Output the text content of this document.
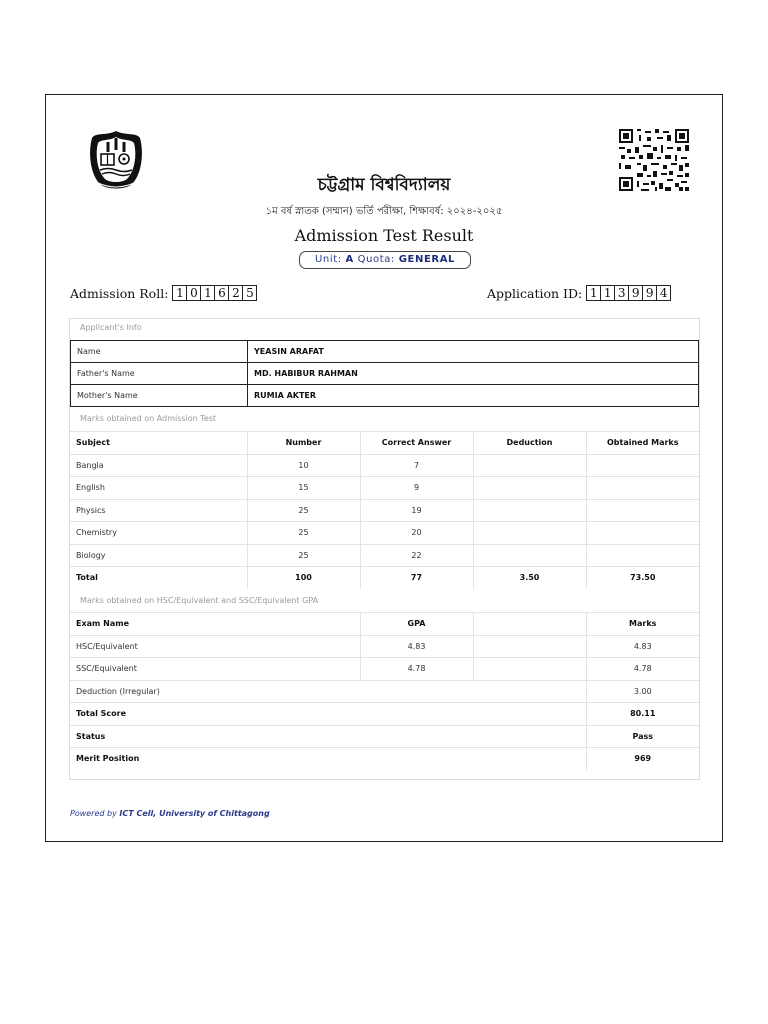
চট্টগ্রাম বিশ্ববিদ্যালয়
১ম বর্ষ স্নাতক (সম্মান) ভর্তি পরীক্ষা, শিক্ষাবর্ষ: ২০২৪-২০২৫
Admission Test Result
Unit: A Quota: GENERAL
Admission Roll: 1 0 1 6 2 5	Application ID: 1 1 3 9 9 4
Applicant's Info
Name	YEASIN ARAFAT
Father's Name	MD. HABIBUR RAHMAN
Mother's Name	RUMIA AKTER
Marks obtained on Admission Test
Subject	Number	Correct Answer	Deduction	Obtained Marks
Bangla	10	7		
English	15	9		
Physics	25	19		
Chemistry	25	20		
Biology	25	22		
Total	100	77	3.50	73.50
Marks obtained on HSC/Equivalent and SSC/Equivalent GPA
Exam Name	GPA		Marks
HSC/Equivalent	4.83		4.83
SSC/Equivalent	4.78		4.78
Deduction (Irregular)			3.00
Total Score			80.11
Status			Pass
Merit Position			969
Powered by ICT Cell, University of Chittagong
